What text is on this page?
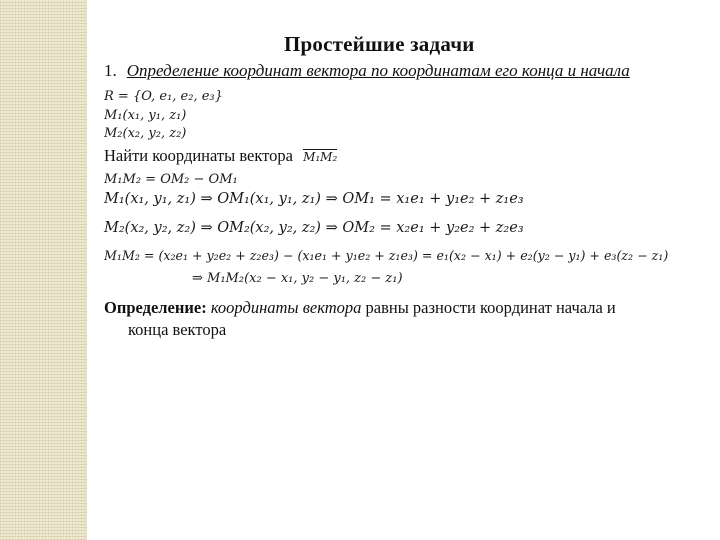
Простейшие задачи
1. Определение координат вектора по координатам его конца и начала
R = {O, e₁, e₂, e₃}
M₁(x₁, y₁, z₁)
M₂(x₂, y₂, z₂)
Найти координаты вектора M₁M₂
M₁M₂ = OM₂ − OM₁
M₁(x₁, y₁, z₁) ⇒ OM₁(x₁, y₁, z₁) ⇒ OM₁ = x₁e₁ + y₁e₂ + z₁e₃
M₂(x₂, y₂, z₂) ⇒ OM₂(x₂, y₂, z₂) ⇒ OM₂ = x₂e₁ + y₂e₂ + z₂e₃
M₁M₂ = (x₂e₁ + y₂e₂ + z₂e₃) − (x₁e₁ + y₁e₂ + z₁e₃) = e₁(x₂ − x₁) + e₂(y₂ − y₁) + e₃(z₂ − z₁)
⇒ M₁M₂(x₂ − x₁, y₂ − y₁, z₂ − z₁)
Определение: координаты вектора равны разности координат начала и
конца вектора
